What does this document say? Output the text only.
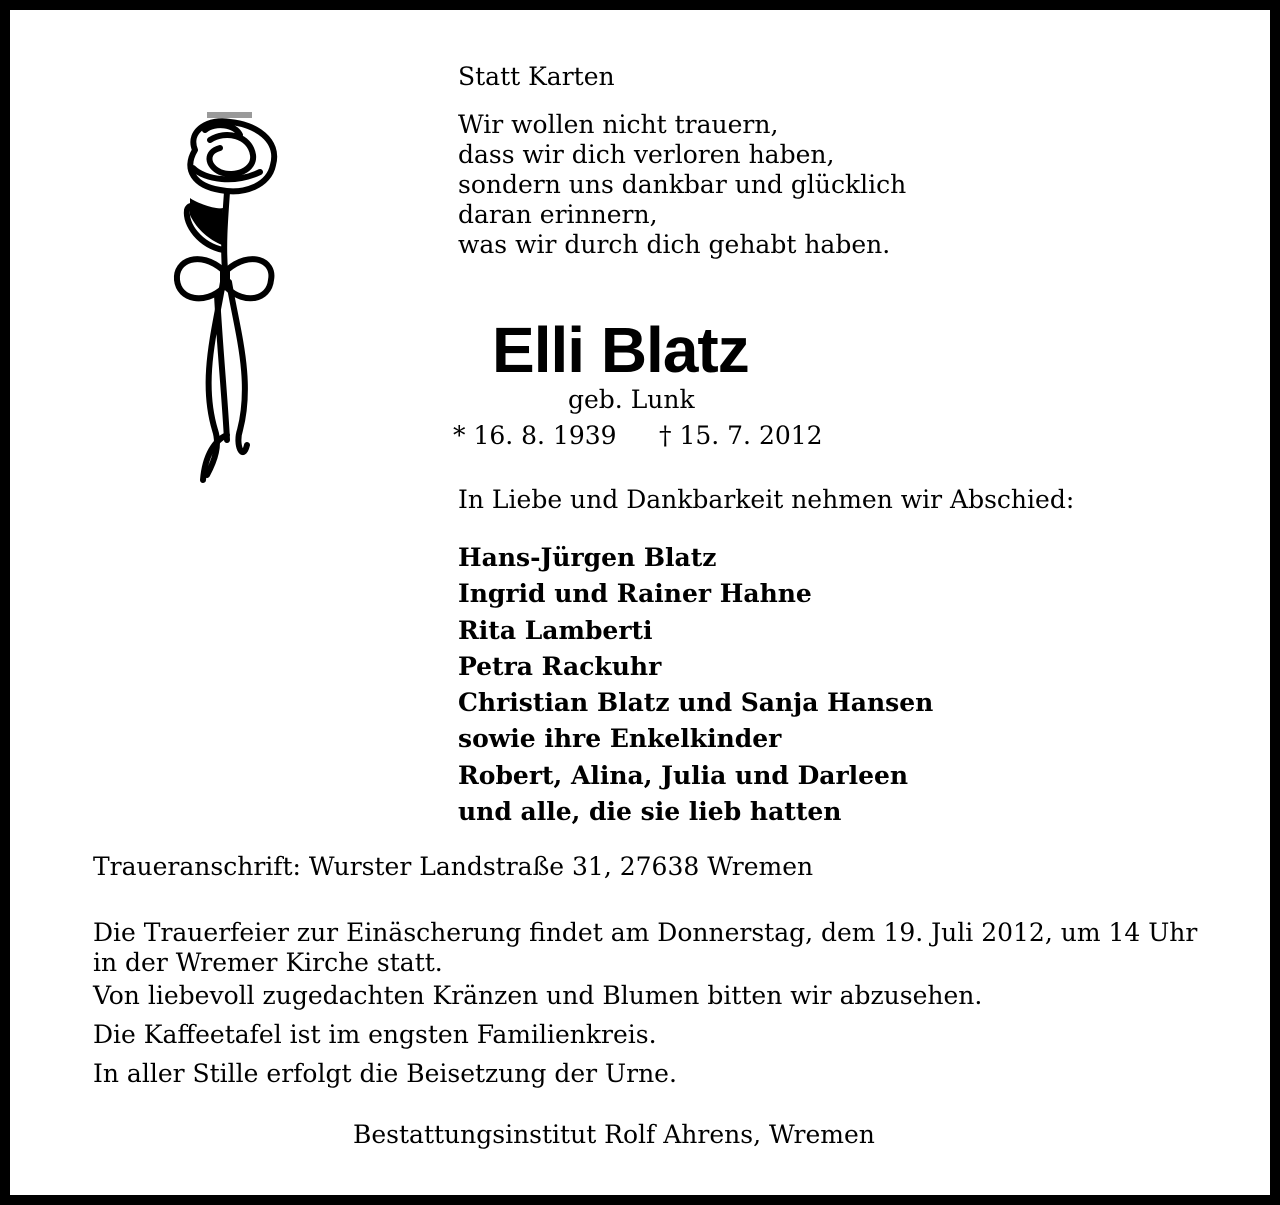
Statt Karten
Wir wollen nicht trauern,
dass wir dich verloren haben,
sondern uns dankbar und glücklich
daran erinnern,
was wir durch dich gehabt haben.
Elli Blatz
geb. Lunk
* 16. 8. 1939 † 15. 7. 2012
In Liebe und Dankbarkeit nehmen wir Abschied:
Hans-Jürgen Blatz
Ingrid und Rainer Hahne
Rita Lamberti
Petra Rackuhr
Christian Blatz und Sanja Hansen
sowie ihre Enkelkinder
Robert, Alina, Julia und Darleen
und alle, die sie lieb hatten
Traueranschrift: Wurster Landstraße 31, 27638 Wremen
Die Trauerfeier zur Einäscherung findet am Donnerstag, dem 19. Juli 2012, um 14 Uhr in der Wremer Kirche statt.
Von liebevoll zugedachten Kränzen und Blumen bitten wir abzusehen.
Die Kaffeetafel ist im engsten Familienkreis.
In aller Stille erfolgt die Beisetzung der Urne.
Bestattungsinstitut Rolf Ahrens, Wremen
